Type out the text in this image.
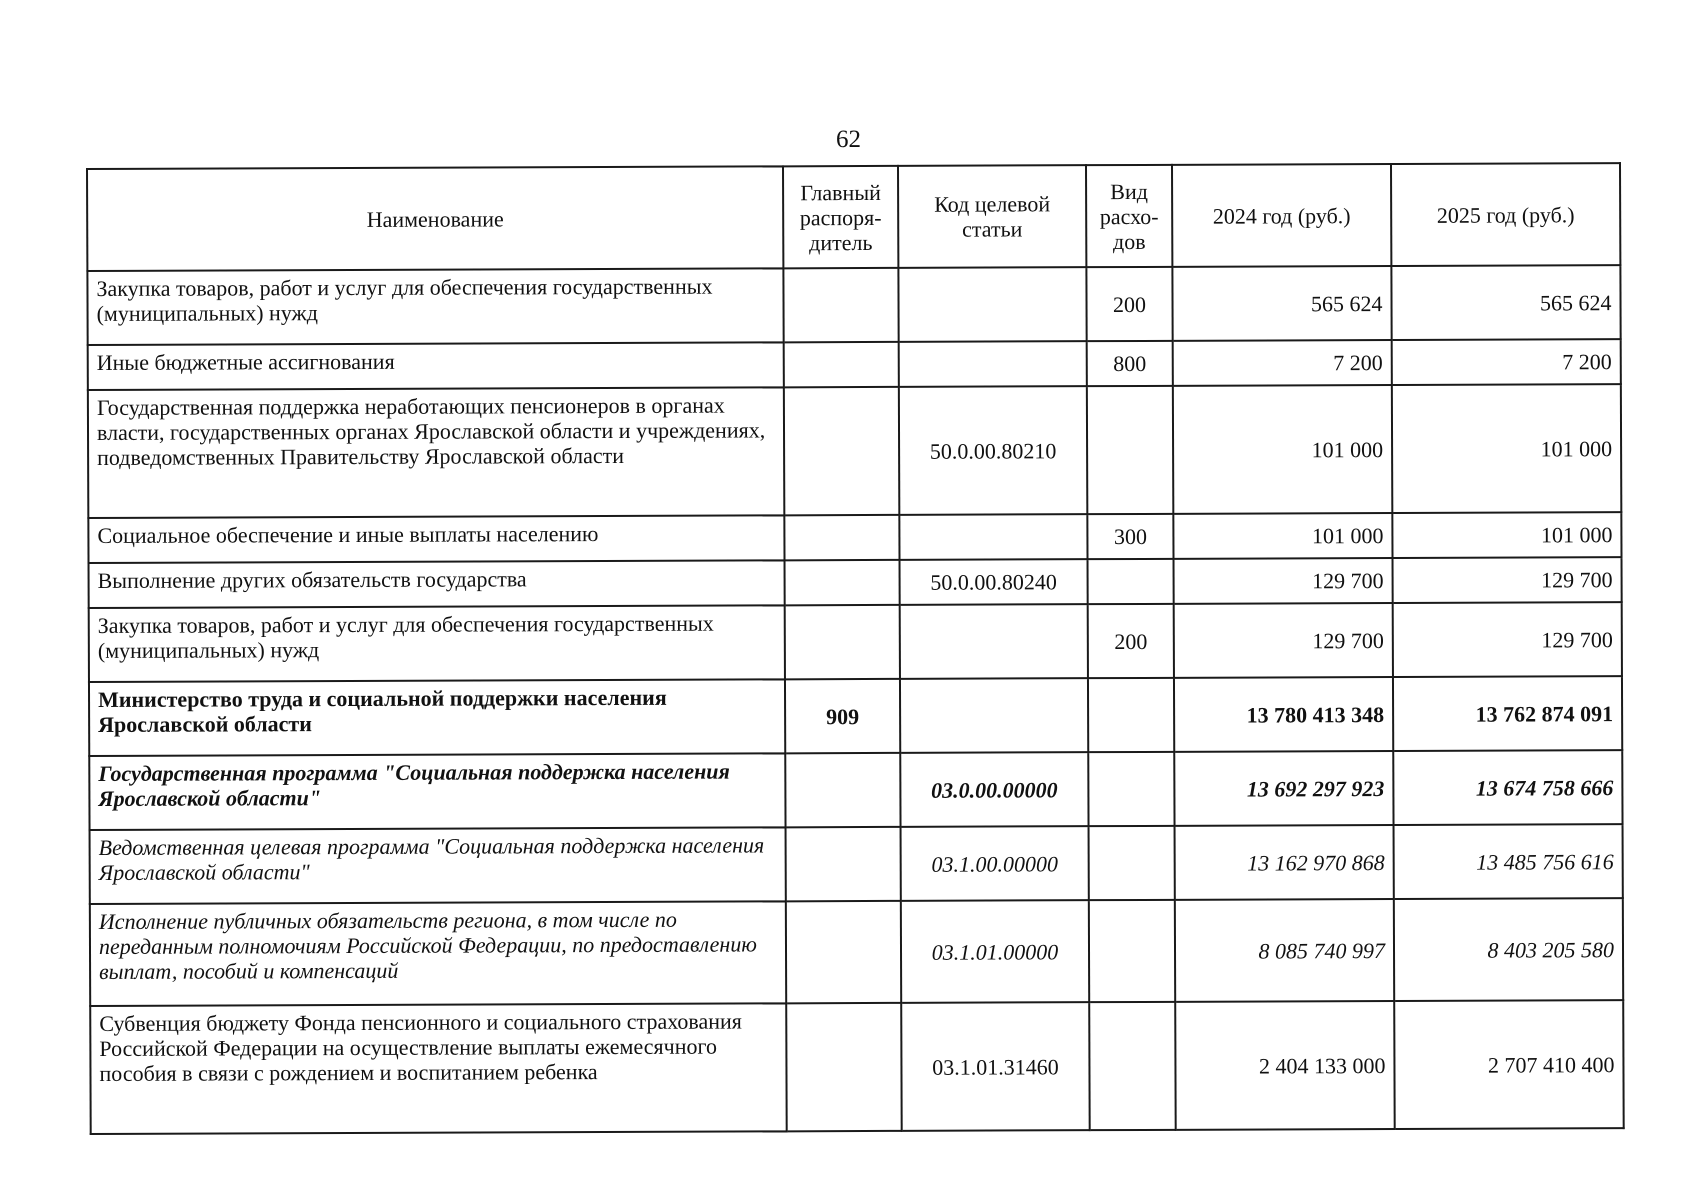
62
Наименование	Главный распоря-дитель	Код целевой статьи	Вид расхо-дов	2024 год (руб.)	2025 год (руб.)
Закупка товаров, работ и услуг для обеспечения государственных (муниципальных) нужд			200	565 624	565 624
Иные бюджетные ассигнования			800	7 200	7 200
Государственная поддержка неработающих пенсионеров в органах власти, государственных органах Ярославской области и учреждениях, подведомственных Правительству Ярославской области		50.0.00.80210		101 000	101 000
Социальное обеспечение и иные выплаты населению			300	101 000	101 000
Выполнение других обязательств государства		50.0.00.80240		129 700	129 700
Закупка товаров, работ и услуг для обеспечения государственных (муниципальных) нужд			200	129 700	129 700
Министерство труда и социальной поддержки населения Ярославской области	909			13 780 413 348	13 762 874 091
Государственная программа "Социальная поддержка населения Ярославской области"		03.0.00.00000		13 692 297 923	13 674 758 666
Ведомственная целевая программа "Социальная поддержка населения Ярославской области"		03.1.00.00000		13 162 970 868	13 485 756 616
Исполнение публичных обязательств региона, в том числе по переданным полномочиям Российской Федерации, по предоставлению выплат, пособий и компенсаций		03.1.01.00000		8 085 740 997	8 403 205 580
Субвенция бюджету Фонда пенсионного и социального страхования Российской Федерации на осуществление выплаты ежемесячного пособия в связи с рождением и воспитанием ребенка		03.1.01.31460		2 404 133 000	2 707 410 400
